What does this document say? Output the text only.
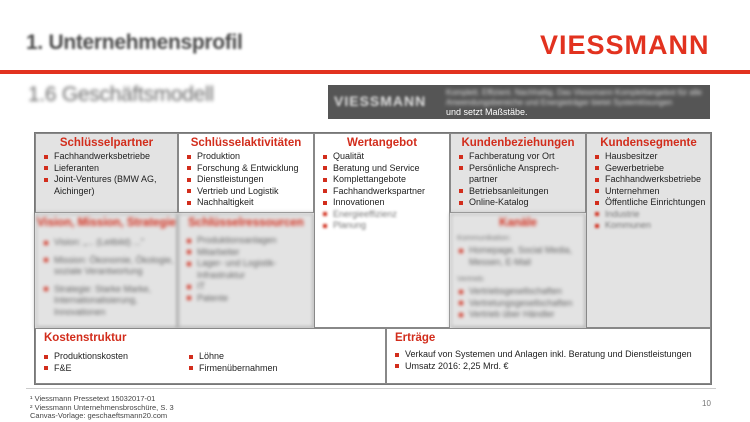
1. Unternehmensprofil	VIESSMANN
1.6 Geschäftsmodell	VIESSMANN
Komplett. Effizient. Nachhaltig. Das Viessmann Komplettangebot für alle Anwendungsbereiche und Energieträger bietet Systemlösungen
und setzt Maßstäbe.
Schlüsselpartner
Fachhandwerksbetriebe
Lieferanten
Joint-Ventures (BMW AG, Aichinger)
Vision, Mission, Strategie
Vision: „... (Leitbild) ..."
Mission: Ökonomie, Ökologie, soziale Verantwortung
Strategie: Starke Marke, Internationalisierung, Innovationen
Schlüsselaktivitäten
Produktion
Forschung & Entwicklung
Dienstleistungen
Vertrieb und Logistik
Nachhaltigkeit
Schlüsselressourcen
Produktionsanlagen
Mitarbeiter
Lager- und Logistik-Infrastruktur
IT
Patente
Wertangebot
Qualität
Beratung und Service
Komplettangebote
Fachhandwerkspartner
Innovationen
Energieeffizienz
Planung
Kundenbeziehungen
Fachberatung vor Ort
Persönliche Ansprech-partner
Betriebsanleitungen
Online-Katalog
Kanäle
Kommunikation:
Homepage, Social Media, Messen, E-Mail
Vertrieb:
Vertriebsgesellschaften
Vertretungsgesellschaften
Vertrieb über Händler
Kundensegmente
Hausbesitzer
Gewerbetriebe
Fachhandwerksbetriebe
Unternehmen
Öffentliche Einrichtungen
Industrie
Kommunen
Kostenstruktur
Produktionskosten
F&E
Löhne
Firmenübernahmen
Erträge
Verkauf von Systemen und Anlagen inkl. Beratung und Dienstleistungen
Umsatz 2016: 2,25 Mrd. €
¹ Viessmann Pressetext 15032017-01
² Viessmann Unternehmensbroschüre, S. 3
Canvas-Vorlage: geschaeftsmann20.com
10
